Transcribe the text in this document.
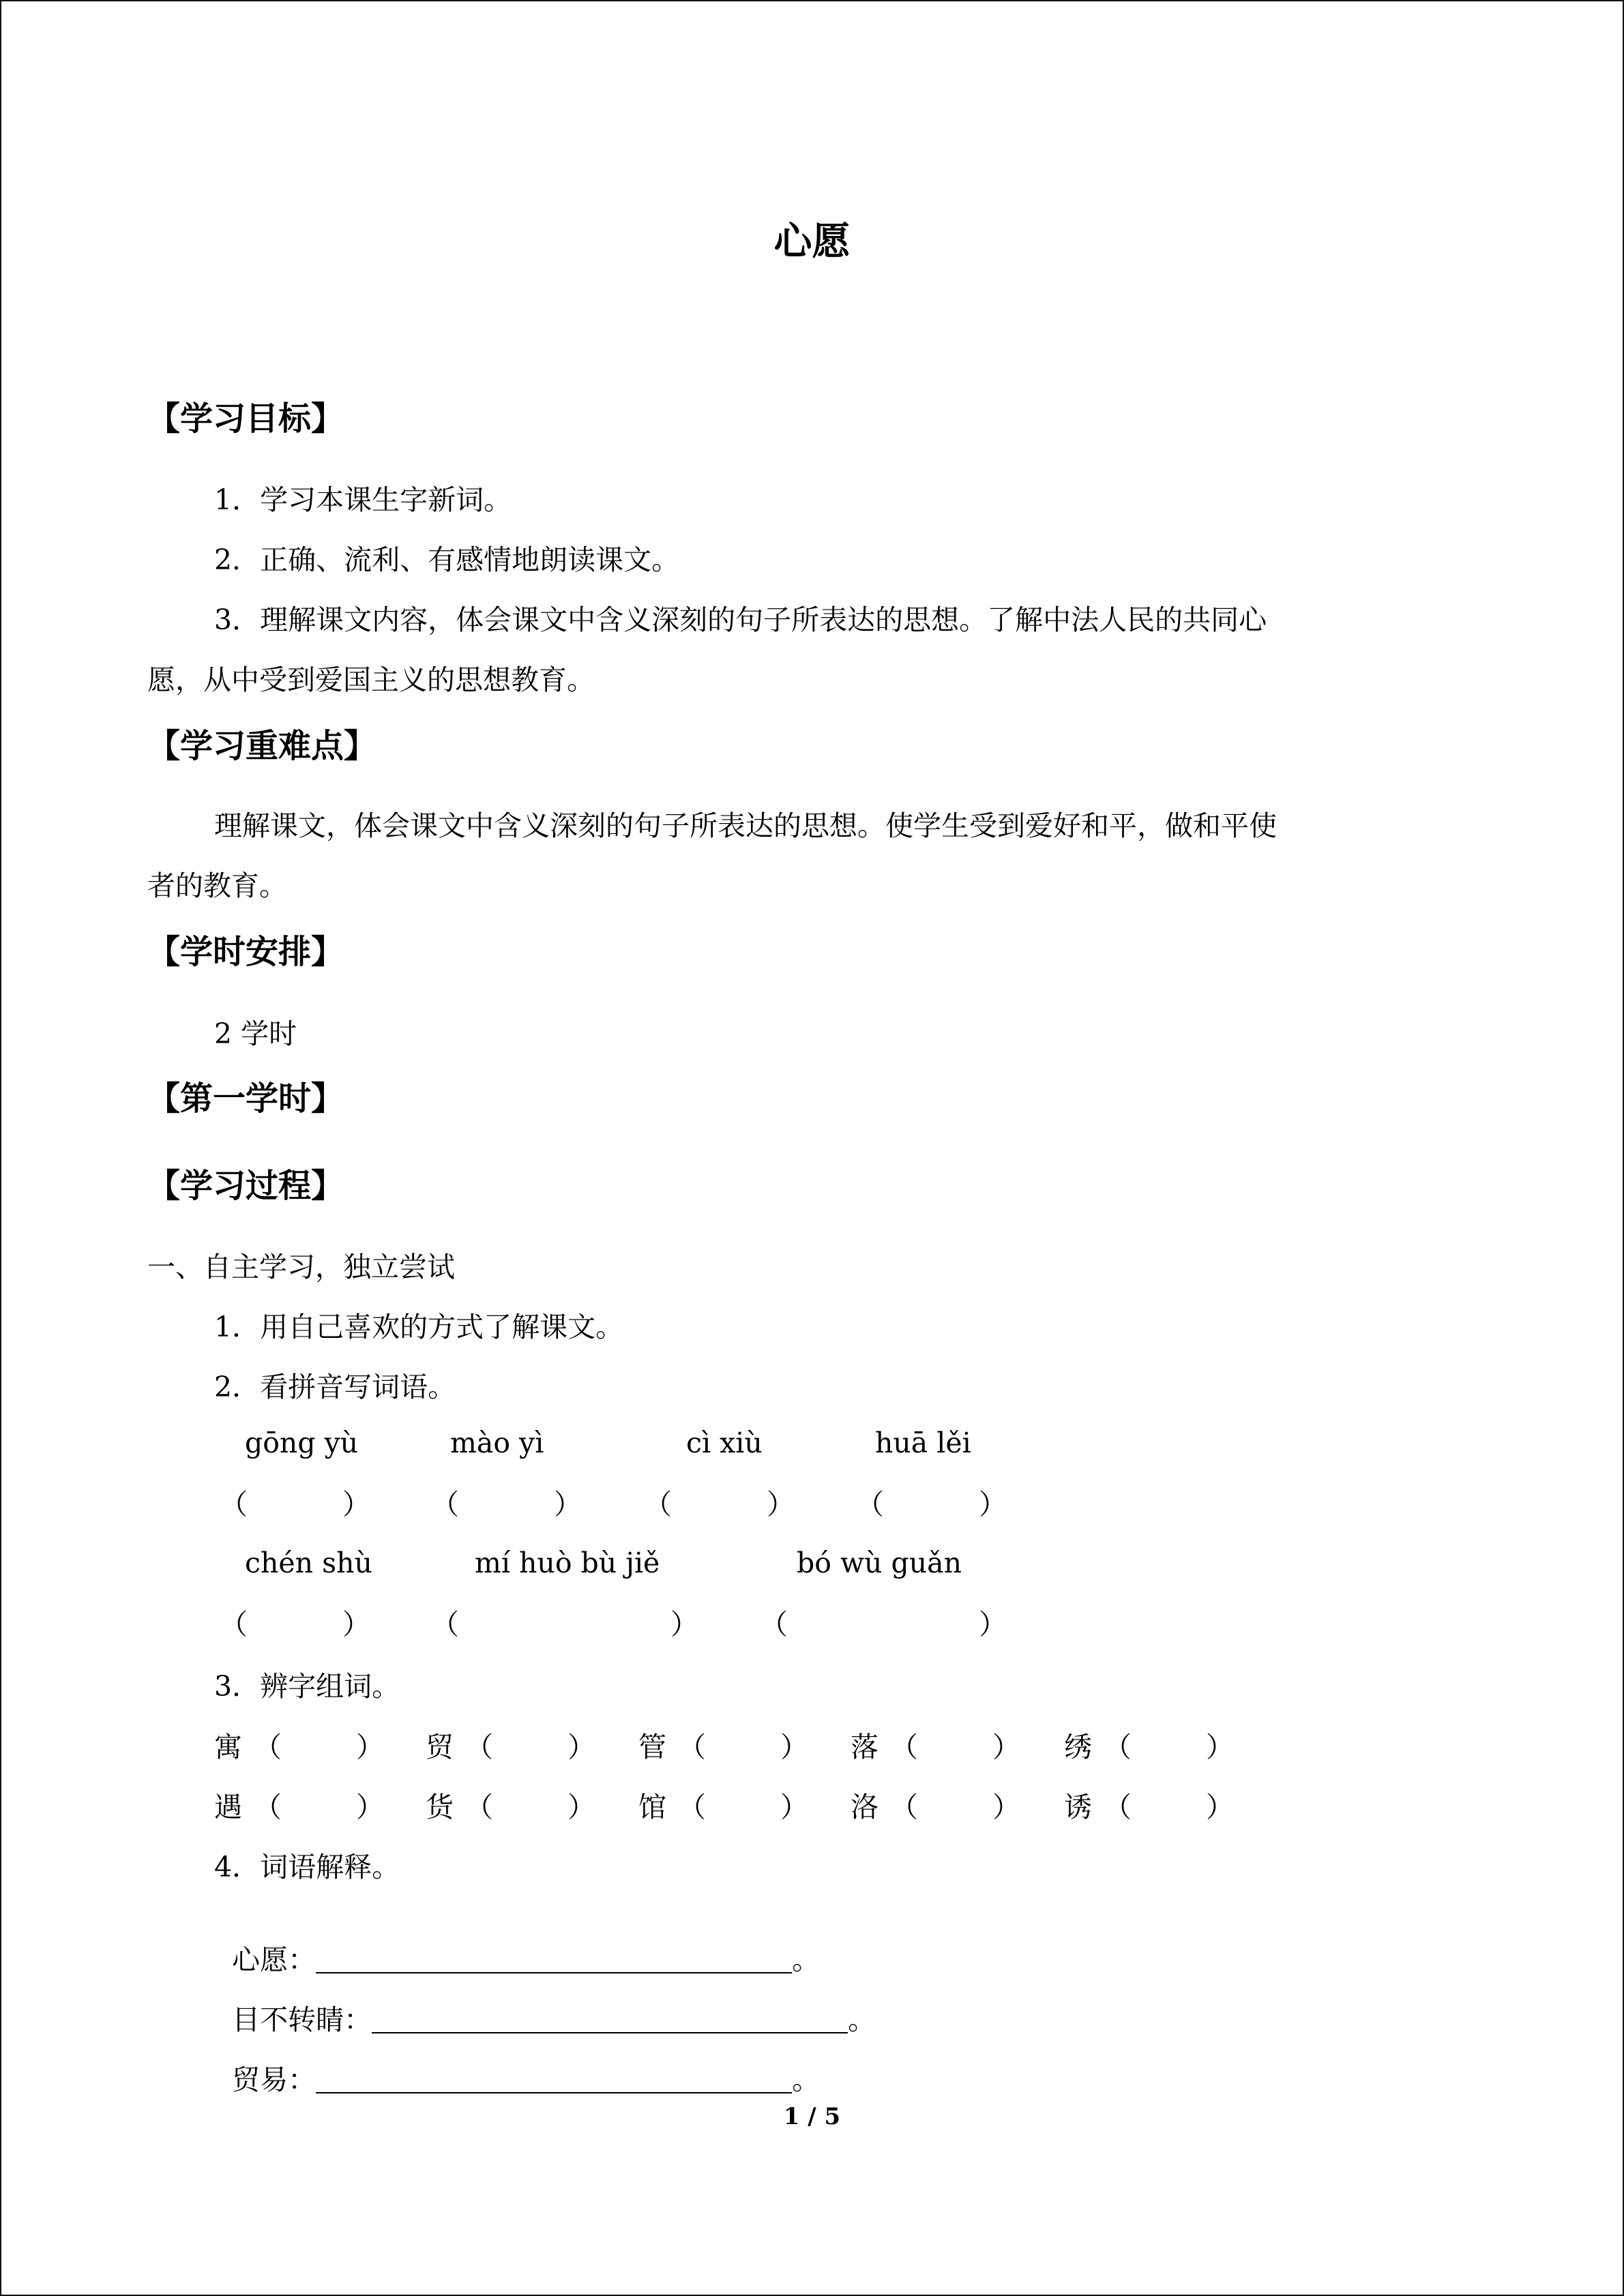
心愿
【学习目标】
1．学习本课生字新词。
2．正确、流利、有感情地朗读课文。
3．理解课文内容，体会课文中含义深刻的句子所表达的思想。了解中法人民的共同心
愿，从中受到爱国主义的思想教育。
【学习重难点】
理解课文，体会课文中含义深刻的句子所表达的思想。使学生受到爱好和平，做和平使
者的教育。
【学时安排】
2 学时
【第一学时】
【学习过程】
一、自主学习，独立尝试
1．用自己喜欢的方式了解课文。
2．看拼音写词语。
gōng yù	mào yì	cì xiù	huā lěi
（	） （	） （	） （	）
chén shù	mí huò bù jiě	bó wù guǎn
（	） （	） （	）
3．辨字组词。
寓 （	） 贸 （	） 管 （	） 落 （	） 绣 （	）
遇 （	） 货 （	） 馆 （	） 洛 （	） 诱 （	）
4．词语解释。

心愿：	。

目不转睛：	。

贸易：	。

1 / 5
